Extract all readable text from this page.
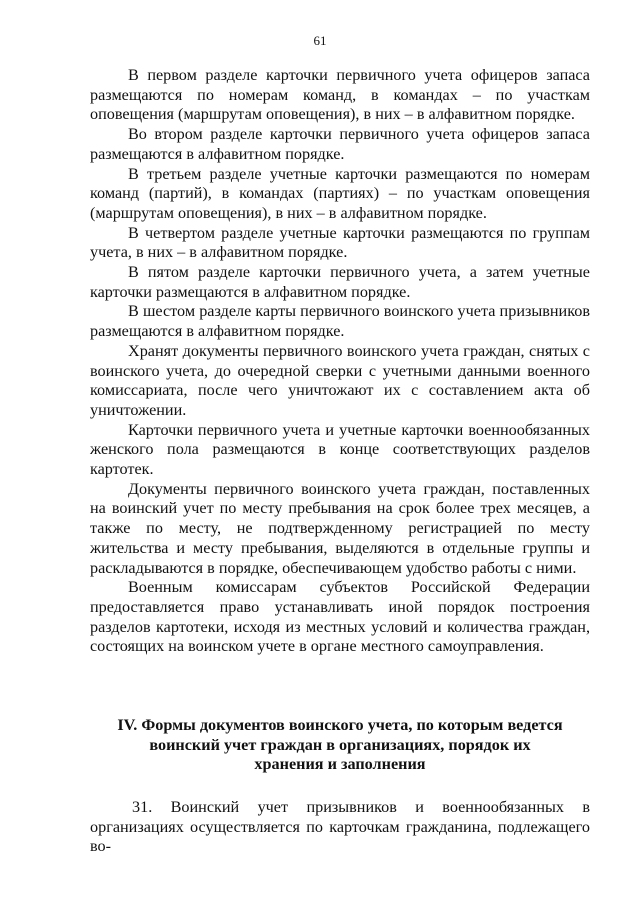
61

В первом разделе карточки первичного учета офицеров запаса размещаются по номерам команд, в командах – по участкам оповещения (маршрутам оповещения), в них – в алфавитном порядке.

Во втором разделе карточки первичного учета офицеров запаса размещаются в алфавитном порядке.

В третьем разделе учетные карточки размещаются по номерам команд (партий), в командах (партиях) – по участкам оповещения (маршрутам оповещения), в них – в алфавитном порядке.

В четвертом разделе учетные карточки размещаются по группам учета, в них – в алфавитном порядке.

В пятом разделе карточки первичного учета, а затем учетные карточки размещаются в алфавитном порядке.

В шестом разделе карты первичного воинского учета призывников размещаются в алфавитном порядке.

Хранят документы первичного воинского учета граждан, снятых с воинского учета, до очередной сверки с учетными данными военного комиссариата, после чего уничтожают их с составлением акта об уничтожении.

Карточки первичного учета и учетные карточки военнообязанных женского пола размещаются в конце соответствующих разделов картотек.

Документы первичного воинского учета граждан, поставленных на воинский учет по месту пребывания на срок более трех месяцев, а также по месту, не подтвержденному регистрацией по месту жительства и месту пребывания, выделяются в отдельные группы и раскладываются в порядке, обеспечивающем удобство работы с ними.

Военным комиссарам субъектов Российской Федерации предоставляется право устанавливать иной порядок построения разделов картотеки, исходя из местных условий и количества граждан, состоящих на воинском учете в органе местного самоуправления.

IV. Формы документов воинского учета, по которым ведется
воинский учет граждан в организациях, порядок их
хранения и заполнения

31. Воинский учет призывников и военнообязанных в организациях осуществляется по карточкам гражданина, подлежащего во-
